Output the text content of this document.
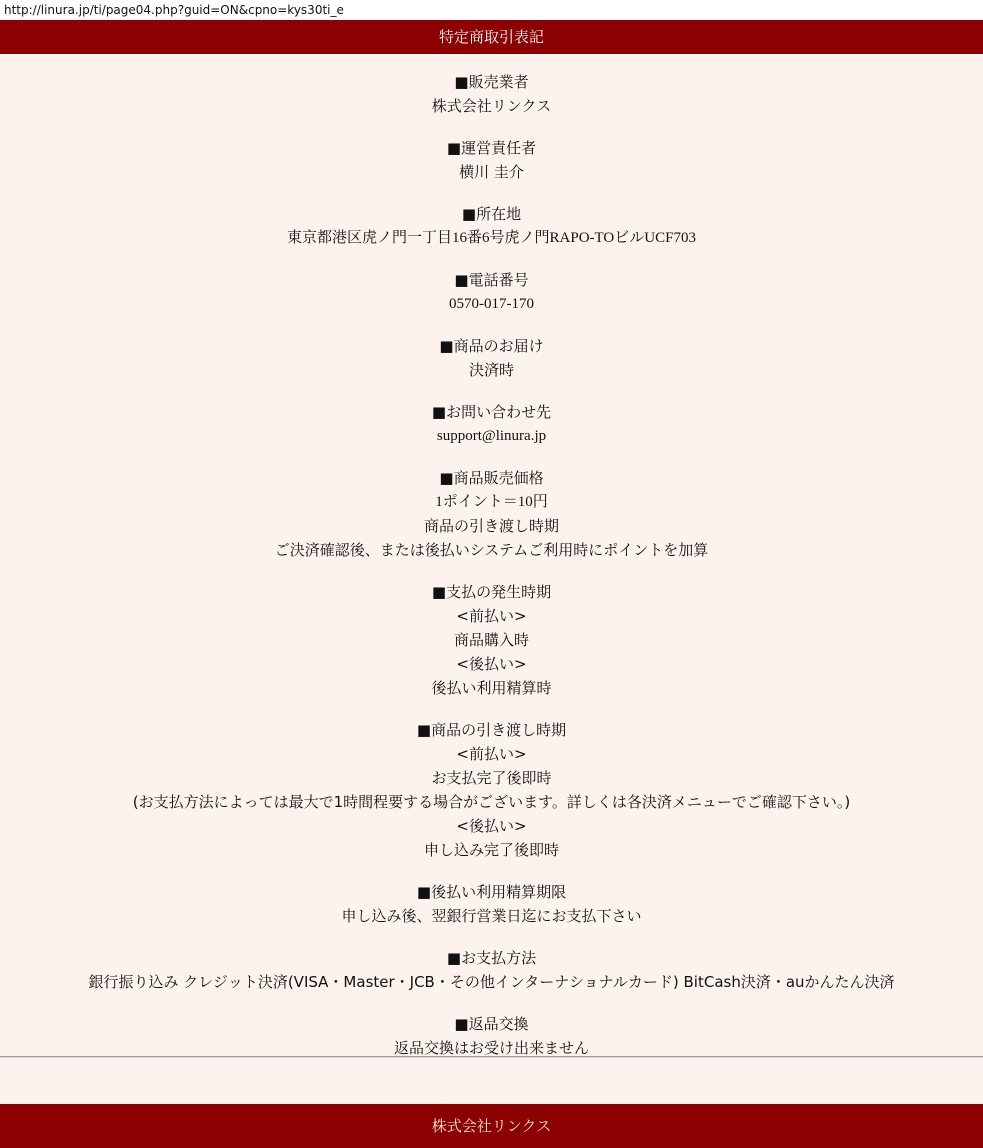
http://linura.jp/ti/page04.php?guid=ON&cpno=kys30ti_e
特定商取引表記
■販売業者
株式会社リンクス
■運営責任者
横川 圭介
■所在地
東京都港区虎ノ門一丁目16番6号虎ノ門RAPO-TOビルUCF703
■電話番号
0570-017-170
■商品のお届け
決済時
■お問い合わせ先
support@linura.jp
■商品販売価格
1ポイント＝10円
商品の引き渡し時期
ご決済確認後、または後払いシステムご利用時にポイントを加算
■支払の発生時期
<前払い>
商品購入時
<後払い>
後払い利用精算時
■商品の引き渡し時期
<前払い>
お支払完了後即時
(お支払方法によっては最大で1時間程要する場合がございます。詳しくは各決済メニューでご確認下さい。)
<後払い>
申し込み完了後即時
■後払い利用精算期限
申し込み後、翌銀行営業日迄にお支払下さい
■お支払方法
銀行振り込み クレジット決済(VISA・Master・JCB・その他インターナショナルカード) BitCash決済・auかんたん決済
■返品交換
返品交換はお受け出来ません
株式会社リンクス
